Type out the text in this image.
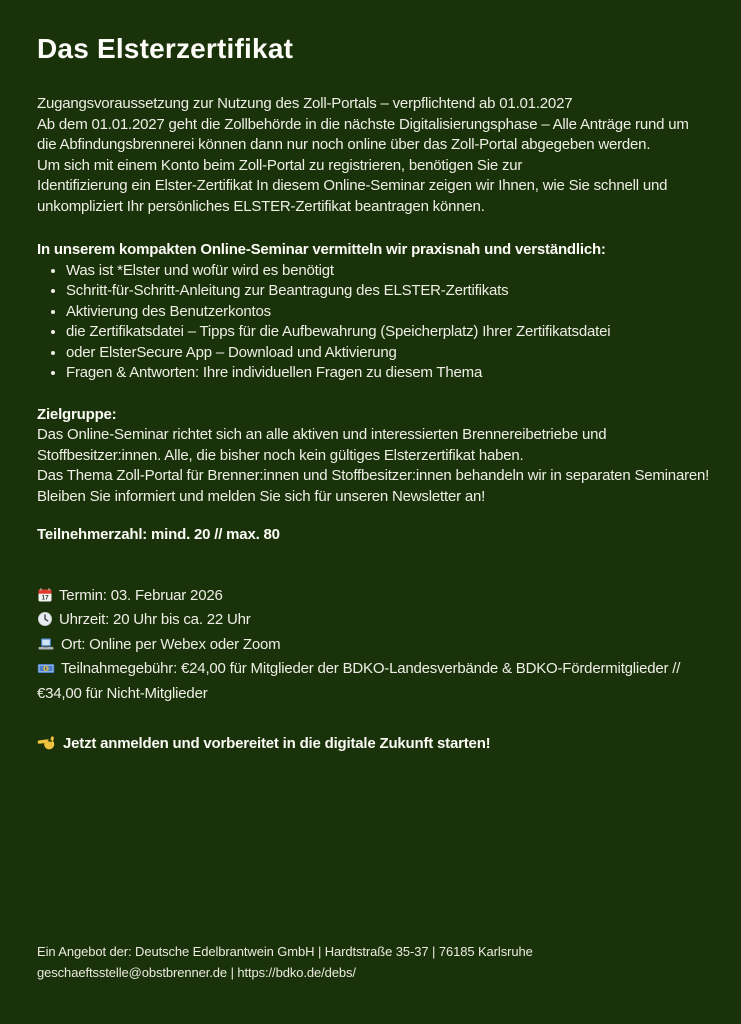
Das Elsterzertifikat
Zugangsvoraussetzung zur Nutzung des Zoll-Portals – verpflichtend ab 01.01.2027
Ab dem 01.01.2027 geht die Zollbehörde in die nächste Digitalisierungsphase – Alle Anträge rund um
die Abfindungsbrennerei können dann nur noch online über das Zoll-Portal abgegeben werden.
Um sich mit einem Konto beim Zoll-Portal zu registrieren, benötigen Sie zur
Identifizierung ein Elster-Zertifikat In diesem Online-Seminar zeigen wir Ihnen, wie Sie schnell und
unkompliziert Ihr persönliches ELSTER-Zertifikat beantragen können.
In unserem kompakten Online-Seminar vermitteln wir praxisnah und verständlich:
• Was ist *Elster und wofür wird es benötigt
• Schritt-für-Schritt-Anleitung zur Beantragung des ELSTER-Zertifikats
• Aktivierung des Benutzerkontos
• die Zertifikatsdatei – Tipps für die Aufbewahrung (Speicherplatz) Ihrer Zertifikatsdatei
• oder ElsterSecure App – Download und Aktivierung
• Fragen & Antworten: Ihre individuellen Fragen zu diesem Thema
Zielgruppe:
Das Online-Seminar richtet sich an alle aktiven und interessierten Brennereibetriebe und
Stoffbesitzer:innen. Alle, die bisher noch kein gültiges Elsterzertifikat haben.
Das Thema Zoll-Portal für Brenner:innen und Stoffbesitzer:innen behandeln wir in separaten Seminaren!
Bleiben Sie informiert und melden Sie sich für unseren Newsletter an!
Teilnehmerzahl: mind. 20 // max. 80
17 Termin: 03. Februar 2026
Uhrzeit: 20 Uhr bis ca. 22 Uhr
Ort: Online per Webex oder Zoom
€ Teilnahmegebühr: €24,00 für Mitglieder der BDKO-Landesverbände & BDKO-Fördermitglieder //
€34,00 für Nicht-Mitglieder
Jetzt anmelden und vorbereitet in die digitale Zukunft starten!
Ein Angebot der: Deutsche Edelbrantwein GmbH | Hardtstraße 35-37 | 76185 Karlsruhe
geschaeftsstelle@obstbrenner.de | https://bdko.de/debs/
